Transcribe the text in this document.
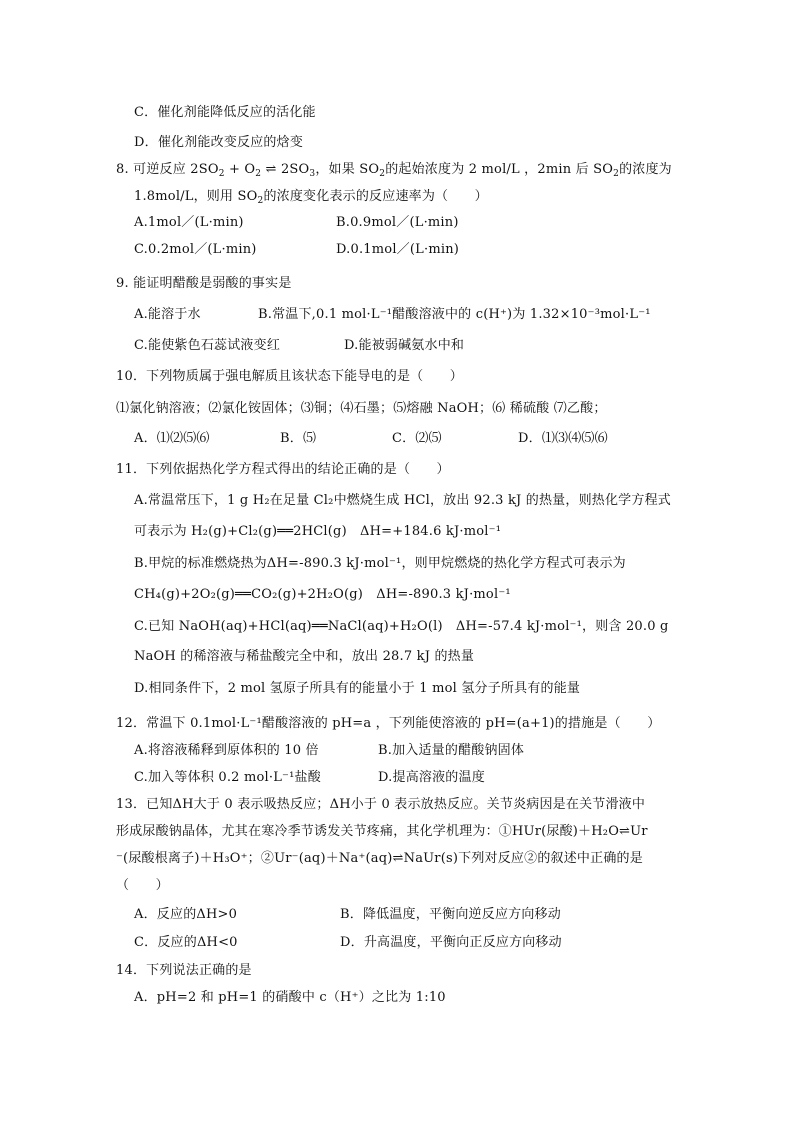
C．催化剂能降低反应的活化能
D．催化剂能改变反应的焓变
8. 可逆反应 $2SO_2 + O_2$ ⇌ $2SO_3$，如果 $SO_2$的起始浓度为 2 mol/L ，2min 后 $SO_2$的浓度为
1.8mol/L，则用 $SO_2$的浓度变化表示的反应速率为（　　）
A.1mol／(L·min)	B.0.9mol／(L·min)
C.0.2mol／(L·min)	D.0.1mol／(L·min)
9. 能证明醋酸是弱酸的事实是
A.能溶于水	B.常温下,0.1 mol·L⁻¹醋酸溶液中的 c(H⁺)为 1.32×10⁻³mol·L⁻¹
C.能使紫色石蕊试液变红	D.能被弱碱氨水中和
10．下列物质属于强电解质且该状态下能导电的是（　　）
⑴氯化钠溶液；⑵氯化铵固体；⑶铜；⑷石墨；⑸熔融 NaOH；⑹ 稀硫酸 ⑺乙酸；
A．⑴⑵⑸⑹	B．⑸	C．⑵⑸	D．⑴⑶⑷⑸⑹
11．下列依据热化学方程式得出的结论正确的是（　　）
A.常温常压下，1 g H₂在足量 Cl₂中燃烧生成 HCl，放出 92.3 kJ 的热量，则热化学方程式
可表示为 H₂(g)+Cl₂(g)══2HCl(g)　ΔH=+184.6 kJ·mol⁻¹
B.甲烷的标准燃烧热为ΔH=-890.3 kJ·mol⁻¹，则甲烷燃烧的热化学方程式可表示为
CH₄(g)+2O₂(g)══CO₂(g)+2H₂O(g)　ΔH=-890.3 kJ·mol⁻¹
C.已知 NaOH(aq)+HCl(aq)══NaCl(aq)+H₂O(l)　ΔH=-57.4 kJ·mol⁻¹，则含 20.0 g
NaOH 的稀溶液与稀盐酸完全中和，放出 28.7 kJ 的热量
D.相同条件下，2 mol 氢原子所具有的能量小于 1 mol 氢分子所具有的能量
12．常温下 0.1mol·L⁻¹醋酸溶液的 pH=a ，下列能使溶液的 pH=(a+1)的措施是（　　）
A.将溶液稀释到原体积的 10 倍	B.加入适量的醋酸钠固体
C.加入等体积 0.2 mol·L⁻¹盐酸	D.提高溶液的温度
13．已知ΔH大于 0 表示吸热反应；ΔH小于 0 表示放热反应。关节炎病因是在关节滑液中
形成尿酸钠晶体，尤其在寒冷季节诱发关节疼痛，其化学机理为：①HUr(尿酸)＋H₂O⇌Ur
⁻(尿酸根离子)＋H₃O⁺；②Ur⁻(aq)＋Na⁺(aq)⇌NaUr(s)下列对反应②的叙述中正确的是
（　　）
A．反应的ΔH>0	B．降低温度，平衡向逆反应方向移动
C．反应的ΔH<0	D．升高温度，平衡向正反应方向移动
14．下列说法正确的是
A．pH=2 和 pH=1 的硝酸中 c（H⁺）之比为 1:10
